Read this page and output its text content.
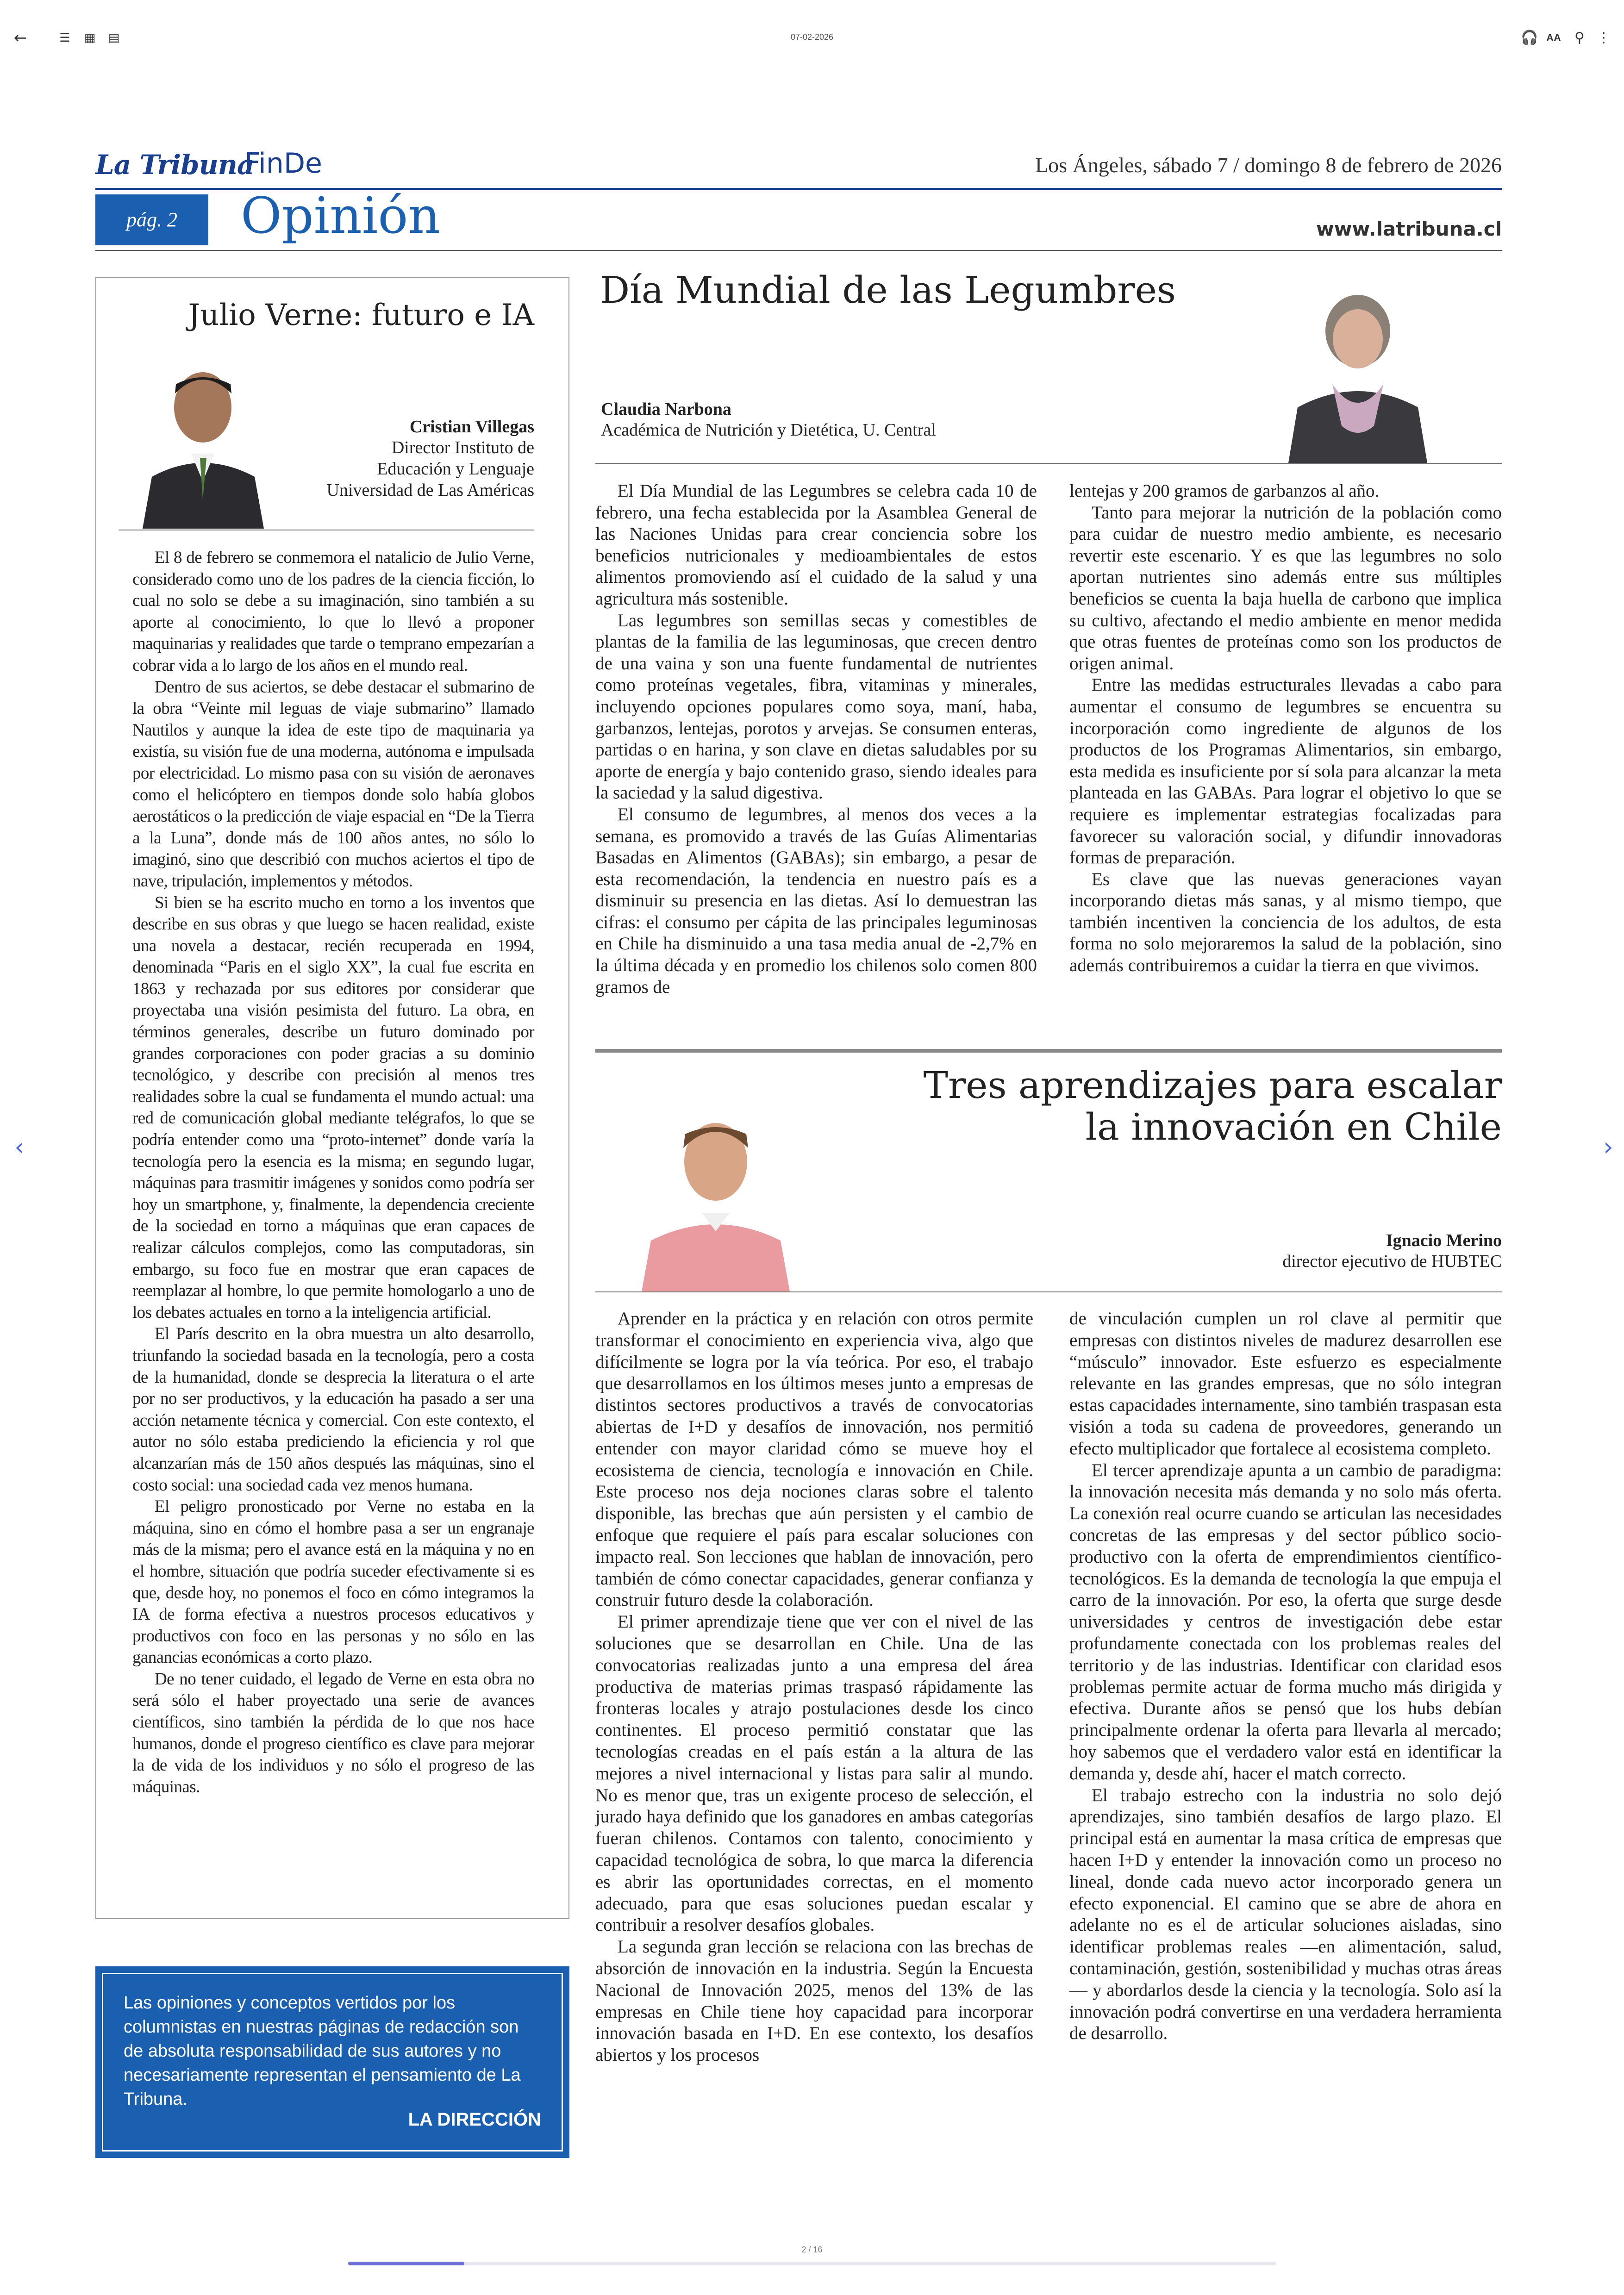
←	☰	▦ ▤	07-02-2026	🎧 AA ⚲ ⋮
‹	›
La Tribuna
FinDe	Los Ángeles, sábado 7 / domingo 8 de febrero de 2026
pág. 2	Opinión	www.latribuna.cl
Julio Verne: futuro e IA
Cristian Villegas
Director Instituto de
Educación y Lenguaje
Universidad de Las Américas

El 8 de febrero se conmemora el natalicio de Julio Verne, considerado como uno de los padres de la ciencia ficción, lo cual no solo se debe a su imaginación, sino también a su aporte al conocimiento, lo que lo llevó a proponer maquinarias y realidades que tarde o temprano empezarían a cobrar vida a lo largo de los años en el mundo real.

Dentro de sus aciertos, se debe destacar el submarino de la obra “Veinte mil leguas de viaje submarino” llamado Nautilos y aunque la idea de este tipo de maquinaria ya existía, su visión fue de una moderna, autónoma e impulsada por electricidad. Lo mismo pasa con su visión de aeronaves como el helicóptero en tiempos donde solo había globos aerostáticos o la predicción de viaje espacial en “De la Tierra a la Luna”, donde más de 100 años antes, no sólo lo imaginó, sino que describió con muchos aciertos el tipo de nave, tripulación, implementos y métodos.

Si bien se ha escrito mucho en torno a los inventos que describe en sus obras y que luego se hacen realidad, existe una novela a destacar, recién recuperada en 1994, denominada “Paris en el siglo XX”, la cual fue escrita en 1863 y rechazada por sus editores por considerar que proyectaba una visión pesimista del futuro. La obra, en términos generales, describe un futuro dominado por grandes corporaciones con poder gracias a su dominio tecnológico, y describe con precisión al menos tres realidades sobre la cual se fundamenta el mundo actual: una red de comunicación global mediante telégrafos, lo que se podría entender como una “proto-internet” donde varía la tecnología pero la esencia es la misma; en segundo lugar, máquinas para trasmitir imágenes y sonidos como podría ser hoy un smartphone, y, finalmente, la dependencia creciente de la sociedad en torno a máquinas que eran capaces de realizar cálculos complejos, como las computadoras, sin embargo, su foco fue en mostrar que eran capaces de reemplazar al hombre, lo que permite homologarlo a uno de los debates actuales en torno a la inteligencia artificial.

El París descrito en la obra muestra un alto desarrollo, triunfando la sociedad basada en la tecnología, pero a costa de la humanidad, donde se desprecia la literatura o el arte por no ser productivos, y la educación ha pasado a ser una acción netamente técnica y comercial. Con este contexto, el autor no sólo estaba prediciendo la eficiencia y rol que alcanzarían más de 150 años después las máquinas, sino el costo social: una sociedad cada vez menos humana.

El peligro pronosticado por Verne no estaba en la máquina, sino en cómo el hombre pasa a ser un engranaje más de la misma; pero el avance está en la máquina y no en el hombre, situación que podría suceder efectivamente si es que, desde hoy, no ponemos el foco en cómo integramos la IA de forma efectiva a nuestros procesos educativos y productivos con foco en las personas y no sólo en las ganancias económicas a corto plazo.

De no tener cuidado, el legado de Verne en esta obra no será sólo el haber proyectado una serie de avances científicos, sino también la pérdida de lo que nos hace humanos, donde el progreso científico es clave para mejorar la de vida de los individuos y no sólo el progreso de las máquinas.

Las opiniones y conceptos vertidos por los columnistas en nuestras páginas de redacción son de absoluta responsabilidad de sus autores y no necesariamente representan el pensamiento de La Tribuna.
LA DIRECCIÓN
Día Mundial de las Legumbres
Claudia Narbona
Académica de Nutrición y Dietética, U. Central

El Día Mundial de las Legumbres se celebra cada 10 de febrero, una fecha establecida por la Asamblea General de las Naciones Unidas para crear conciencia sobre los beneficios nutricionales y medioambientales de estos alimentos promoviendo así el cuidado de la salud y una agricultura más sostenible.

Las legumbres son semillas secas y comestibles de plantas de la familia de las leguminosas, que crecen dentro de una vaina y son una fuente fundamental de nutrientes como proteínas vegetales, fibra, vitaminas y minerales, incluyendo opciones populares como soya, maní, haba, garbanzos, lentejas, porotos y arvejas. Se consumen enteras, partidas o en harina, y son clave en dietas saludables por su aporte de energía y bajo contenido graso, siendo ideales para la saciedad y la salud digestiva.

El consumo de legumbres, al menos dos veces a la semana, es promovido a través de las Guías Alimentarias Basadas en Alimentos (GABAs); sin embargo, a pesar de esta recomendación, la tendencia en nuestro país es a disminuir su presencia en las dietas. Así lo demuestran las cifras: el consumo per cápita de las principales leguminosas en Chile ha disminuido a una tasa media anual de -2,7% en la última década y en promedio los chilenos solo comen 800 gramos de

lentejas y 200 gramos de garbanzos al año.

Tanto para mejorar la nutrición de la población como para cuidar de nuestro medio ambiente, es necesario revertir este escenario. Y es que las legumbres no solo aportan nutrientes sino además entre sus múltiples beneficios se cuenta la baja huella de carbono que implica su cultivo, afectando el medio ambiente en menor medida que otras fuentes de proteínas como son los productos de origen animal.

Entre las medidas estructurales llevadas a cabo para aumentar el consumo de legumbres se encuentra su incorporación como ingrediente de algunos de los productos de los Programas Alimentarios, sin embargo, esta medida es insuficiente por sí sola para alcanzar la meta planteada en las GABAs. Para lograr el objetivo lo que se requiere es implementar estrategias focalizadas para favorecer su valoración social, y difundir innovadoras formas de preparación.

Es clave que las nuevas generaciones vayan incorporando dietas más sanas, y al mismo tiempo, que también incentiven la conciencia de los adultos, de esta forma no solo mejoraremos la salud de la población, sino además contribuiremos a cuidar la tierra en que vivimos.

Tres aprendizajes para escalar
la innovación en Chile
Ignacio Merino
director ejecutivo de HUBTEC

Aprender en la práctica y en relación con otros permite transformar el conocimiento en experiencia viva, algo que difícilmente se logra por la vía teórica. Por eso, el trabajo que desarrollamos en los últimos meses junto a empresas de distintos sectores productivos a través de convocatorias abiertas de I+D y desafíos de innovación, nos permitió entender con mayor claridad cómo se mueve hoy el ecosistema de ciencia, tecnología e innovación en Chile. Este proceso nos deja nociones claras sobre el talento disponible, las brechas que aún persisten y el cambio de enfoque que requiere el país para escalar soluciones con impacto real. Son lecciones que hablan de innovación, pero también de cómo conectar capacidades, generar confianza y construir futuro desde la colaboración.

El primer aprendizaje tiene que ver con el nivel de las soluciones que se desarrollan en Chile. Una de las convocatorias realizadas junto a una empresa del área productiva de materias primas traspasó rápidamente las fronteras locales y atrajo postulaciones desde los cinco continentes. El proceso permitió constatar que las tecnologías creadas en el país están a la altura de las mejores a nivel internacional y listas para salir al mundo. No es menor que, tras un exigente proceso de selección, el jurado haya definido que los ganadores en ambas categorías fueran chilenos. Contamos con talento, conocimiento y capacidad tecnológica de sobra, lo que marca la diferencia es abrir las oportunidades correctas, en el momento adecuado, para que esas soluciones puedan escalar y contribuir a resolver desafíos globales.

La segunda gran lección se relaciona con las brechas de absorción de innovación en la industria. Según la Encuesta Nacional de Innovación 2025, menos del 13% de las empresas en Chile tiene hoy capacidad para incorporar innovación basada en I+D. En ese contexto, los desafíos abiertos y los procesos

de vinculación cumplen un rol clave al permitir que empresas con distintos niveles de madurez desarrollen ese “músculo” innovador. Este esfuerzo es especialmente relevante en las grandes empresas, que no sólo integran estas capacidades internamente, sino también traspasan esta visión a toda su cadena de proveedores, generando un efecto multiplicador que fortalece al ecosistema completo.

El tercer aprendizaje apunta a un cambio de paradigma: la innovación necesita más demanda y no solo más oferta. La conexión real ocurre cuando se articulan las necesidades concretas de las empresas y del sector público socio-productivo con la oferta de emprendimientos científico-tecnológicos. Es la demanda de tecnología la que empuja el carro de la innovación. Por eso, la oferta que surge desde universidades y centros de investigación debe estar profundamente conectada con los problemas reales del territorio y de las industrias. Identificar con claridad esos problemas permite actuar de forma mucho más dirigida y efectiva. Durante años se pensó que los hubs debían principalmente ordenar la oferta para llevarla al mercado; hoy sabemos que el verdadero valor está en identificar la demanda y, desde ahí, hacer el match correcto.

El trabajo estrecho con la industria no solo dejó aprendizajes, sino también desafíos de largo plazo. El principal está en aumentar la masa crítica de empresas que hacen I+D y entender la innovación como un proceso no lineal, donde cada nuevo actor incorporado genera un efecto exponencial. El camino que se abre de ahora en adelante no es el de articular soluciones aisladas, sino identificar problemas reales —en alimentación, salud, contaminación, gestión, sostenibilidad y muchas otras áreas— y abordarlos desde la ciencia y la tecnología. Solo así la innovación podrá convertirse en una verdadera herramienta de desarrollo.

2 / 16
